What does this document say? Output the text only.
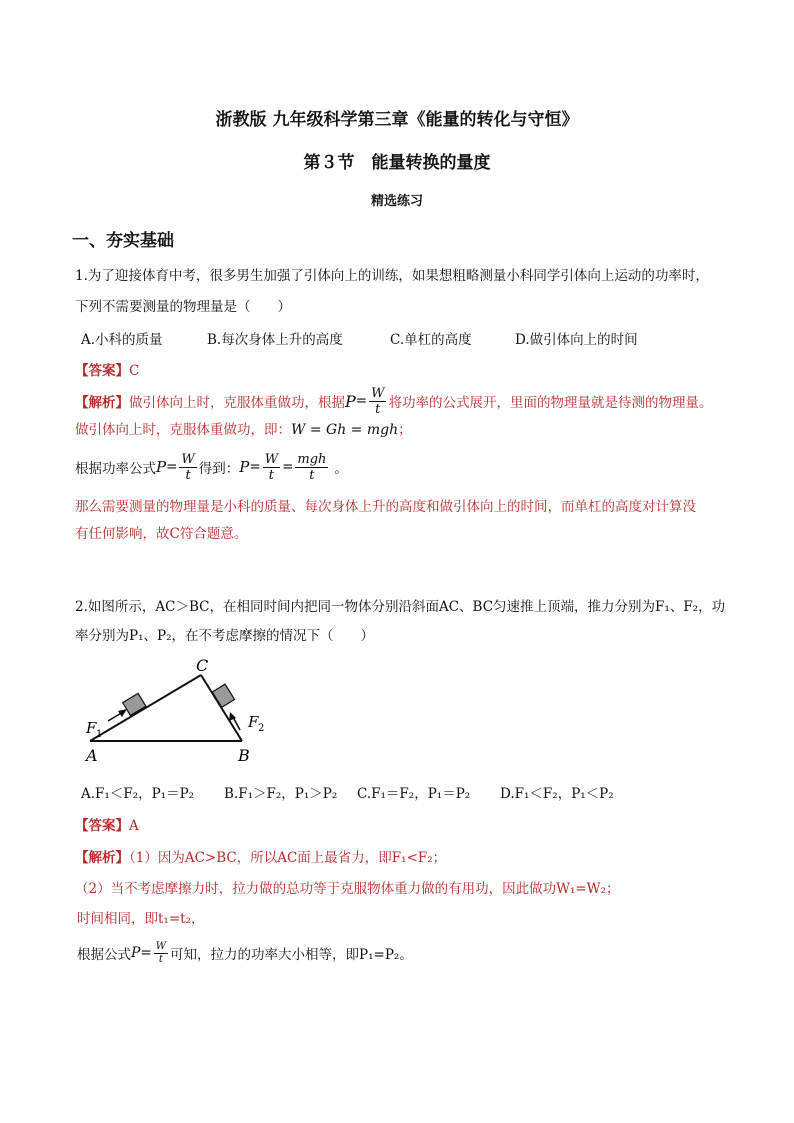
浙教版 九年级科学第三章《能量的转化与守恒》
第３节　能量转换的量度
精选练习
一、夯实基础
1.为了迎接体育中考，很多男生加强了引体向上的训练，如果想粗略测量小科同学引体向上运动的功率时，
下列不需要测量的物理量是（　　）
A.小科的质量	B.每次身体上升的高度	C.单杠的高度	D.做引体向上的时间
【答案】C
【解析】 做引体向上时，克服体重做功，根据 $P = \frac{W}{t}$ 将功率的公式展开，里面的物理量就是待测的物理量。
做引体向上时，克服体重做功，即：W = Gh = mgh；
根据功率公式 $P = \frac{W}{t}$ 得到： $P = \frac{W}{t} = \frac{\text{mgh}}{t}$ 。
那么需要测量的物理量是小科的质量、每次身体上升的高度和做引体向上的时间，而单杠的高度对计算没
有任何影响，故C符合题意。
2.如图所示，AC＞BC，在相同时间内把同一物体分别沿斜面AC、BC匀速推上顶端，推力分别为F₁、F₂，功
率分别为P₁、P₂，在不考虑摩擦的情况下（　　）
C
A	B
F 1
F 2
A.F₁＜F₂，P₁＝P₂ B.F₁＞F₂，P₁＞P₂ C.F₁＝F₂，P₁＝P₂ D.F₁＜F₂，P₁＜P₂
【答案】A
【解析】（1）因为AC>BC，所以AC面上最省力，即F₁<F₂；
（2）当不考虑摩擦力时，拉力做的总功等于克服物体重力做的有用功，因此做功W₁=W₂；
时间相同，即t₁=t₂，
根据公式 $P = \frac{W}{t}$ 可知，拉力的功率大小相等，即P₁=P₂。
